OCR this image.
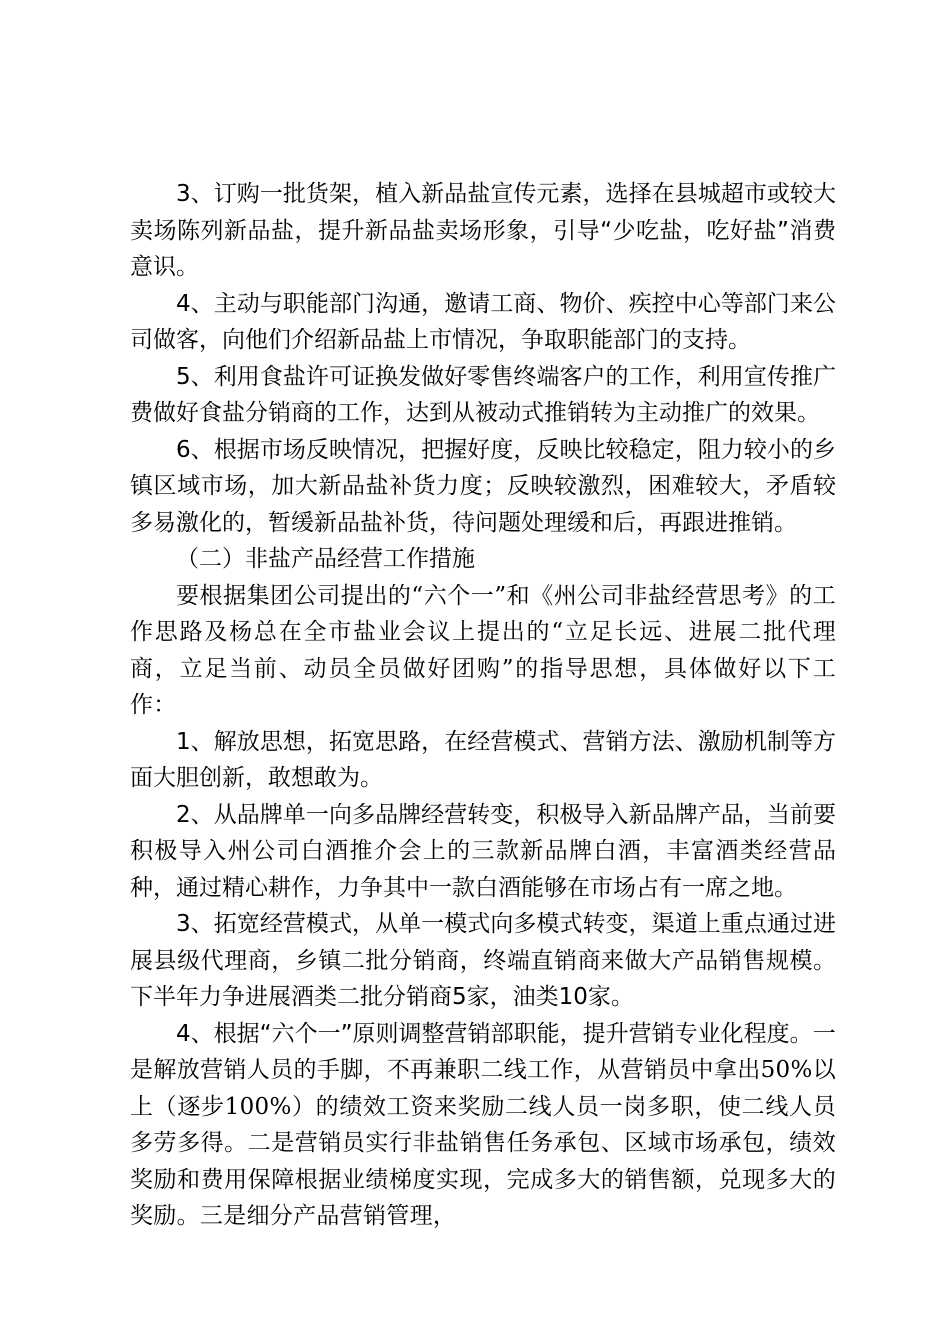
3、订购一批货架，植入新品盐宣传元素，选择在县城超市或较大卖场陈列新品盐，提升新品盐卖场形象，引导“少吃盐，吃好盐”消费意识。

4、主动与职能部门沟通，邀请工商、物价、疾控中心等部门来公司做客，向他们介绍新品盐上市情况，争取职能部门的支持。

5、利用食盐许可证换发做好零售终端客户的工作，利用宣传推广费做好食盐分销商的工作，达到从被动式推销转为主动推广的效果。

6、根据市场反映情况，把握好度，反映比较稳定，阻力较小的乡镇区域市场，加大新品盐补货力度；反映较激烈，困难较大，矛盾较多易激化的，暂缓新品盐补货，待问题处理缓和后，再跟进推销。

（二）非盐产品经营工作措施

要根据集团公司提出的“六个一”和《州公司非盐经营思考》的工作思路及杨总在全市盐业会议上提出的“立足长远、进展二批代理商，立足当前、动员全员做好团购”的指导思想，具体做好以下工作：

1、解放思想，拓宽思路，在经营模式、营销方法、激励机制等方面大胆创新，敢想敢为。

2、从品牌单一向多品牌经营转变，积极导入新品牌产品，当前要积极导入州公司白酒推介会上的三款新品牌白酒，丰富酒类经营品种，通过精心耕作，力争其中一款白酒能够在市场占有一席之地。

3、拓宽经营模式，从单一模式向多模式转变，渠道上重点通过进展县级代理商，乡镇二批分销商，终端直销商来做大产品销售规模。下半年力争进展酒类二批分销商5家，油类10家。

4、根据“六个一”原则调整营销部职能，提升营销专业化程度。一是解放营销人员的手脚，不再兼职二线工作，从营销员中拿出50%以上（逐步100%）的绩效工资来奖励二线人员一岗多职，使二线人员多劳多得。二是营销员实行非盐销售任务承包、区域市场承包，绩效奖励和费用保障根据业绩梯度实现，完成多大的销售额，兑现多大的奖励。三是细分产品营销管理，
